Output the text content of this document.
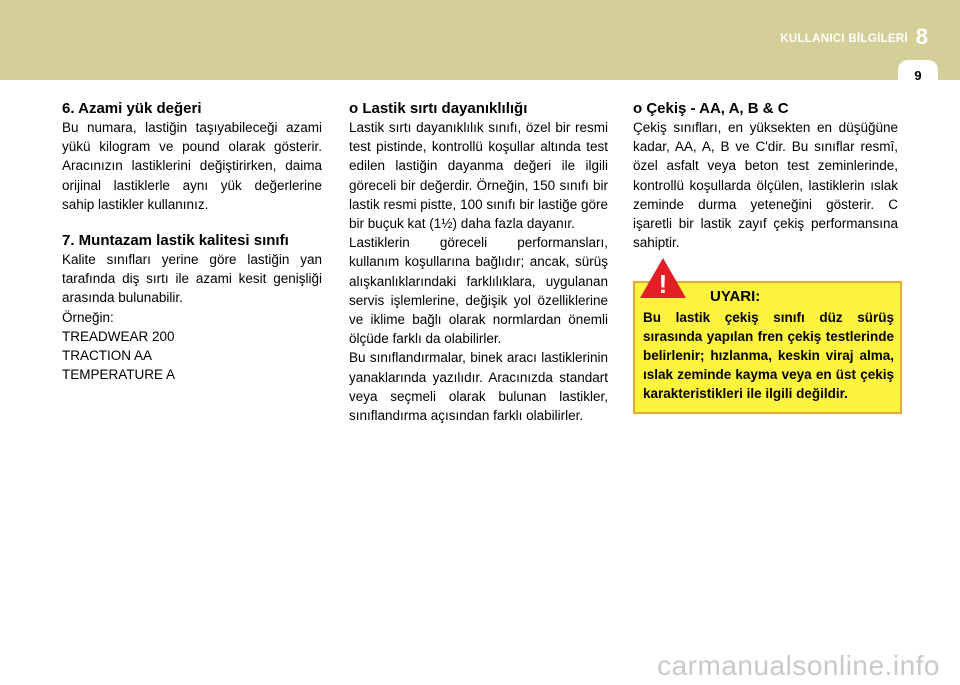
KULLANICI BİLGİLERİ 8
9
6. Azami yük değeri

Bu numara, lastiğin taşıyabileceği azami yükü kilogram ve pound olarak gösterir. Aracınızın lastiklerini değiştirirken, daima orijinal lastiklerle aynı yük değerlerine sahip lastikler kullanınız.

7. Muntazam lastik kalitesi sınıfı

Kalite sınıfları yerine göre lastiğin yan tarafında diş sırtı ile azami kesit genişliği arasında bulunabilir.

Örneğin:

TREADWEAR 200

TRACTION AA

TEMPERATURE A

o Lastik sırtı dayanıklılığı

Lastik sırtı dayanıklılık sınıfı, özel bir resmi test pistinde, kontrollü koşullar altında test edilen lastiğin dayanma değeri ile ilgili göreceli bir değerdir. Örneğin, 150 sınıfı bir lastik resmi pistte, 100 sınıfı bir lastiğe göre bir buçuk kat (1½) daha fazla dayanır.

Lastiklerin göreceli performansları, kullanım koşullarına bağlıdır; ancak, sürüş alışkanlıklarındaki farklılıklara, uygulanan servis işlemlerine, değişik yol özelliklerine ve iklime bağlı olarak normlardan önemli ölçüde farklı da olabilirler.

Bu sınıflandırmalar, binek aracı lastiklerinin yanaklarında yazılıdır. Aracınızda standart veya seçmeli olarak bulunan lastikler, sınıflandırma açısından farklı olabilirler.

o Çekiş - AA, A, B & C

Çekiş sınıfları, en yüksekten en düşüğüne kadar, AA, A, B ve C'dir. Bu sınıflar resmî, özel asfalt veya beton test zeminlerinde, kontrollü koşullarda ölçülen, lastiklerin ıslak zeminde durma yeteneğini gösterir. C işaretli bir lastik zayıf çekiş performansına sahiptir.

UYARI:
Bu lastik çekiş sınıfı düz sürüş sırasında yapılan fren çekiş testlerinde belirlenir; hızlanma, keskin viraj alma, ıslak zeminde kayma veya en üst çekiş karakteristikleri ile ilgili değildir.
!
carmanualsonline.info
